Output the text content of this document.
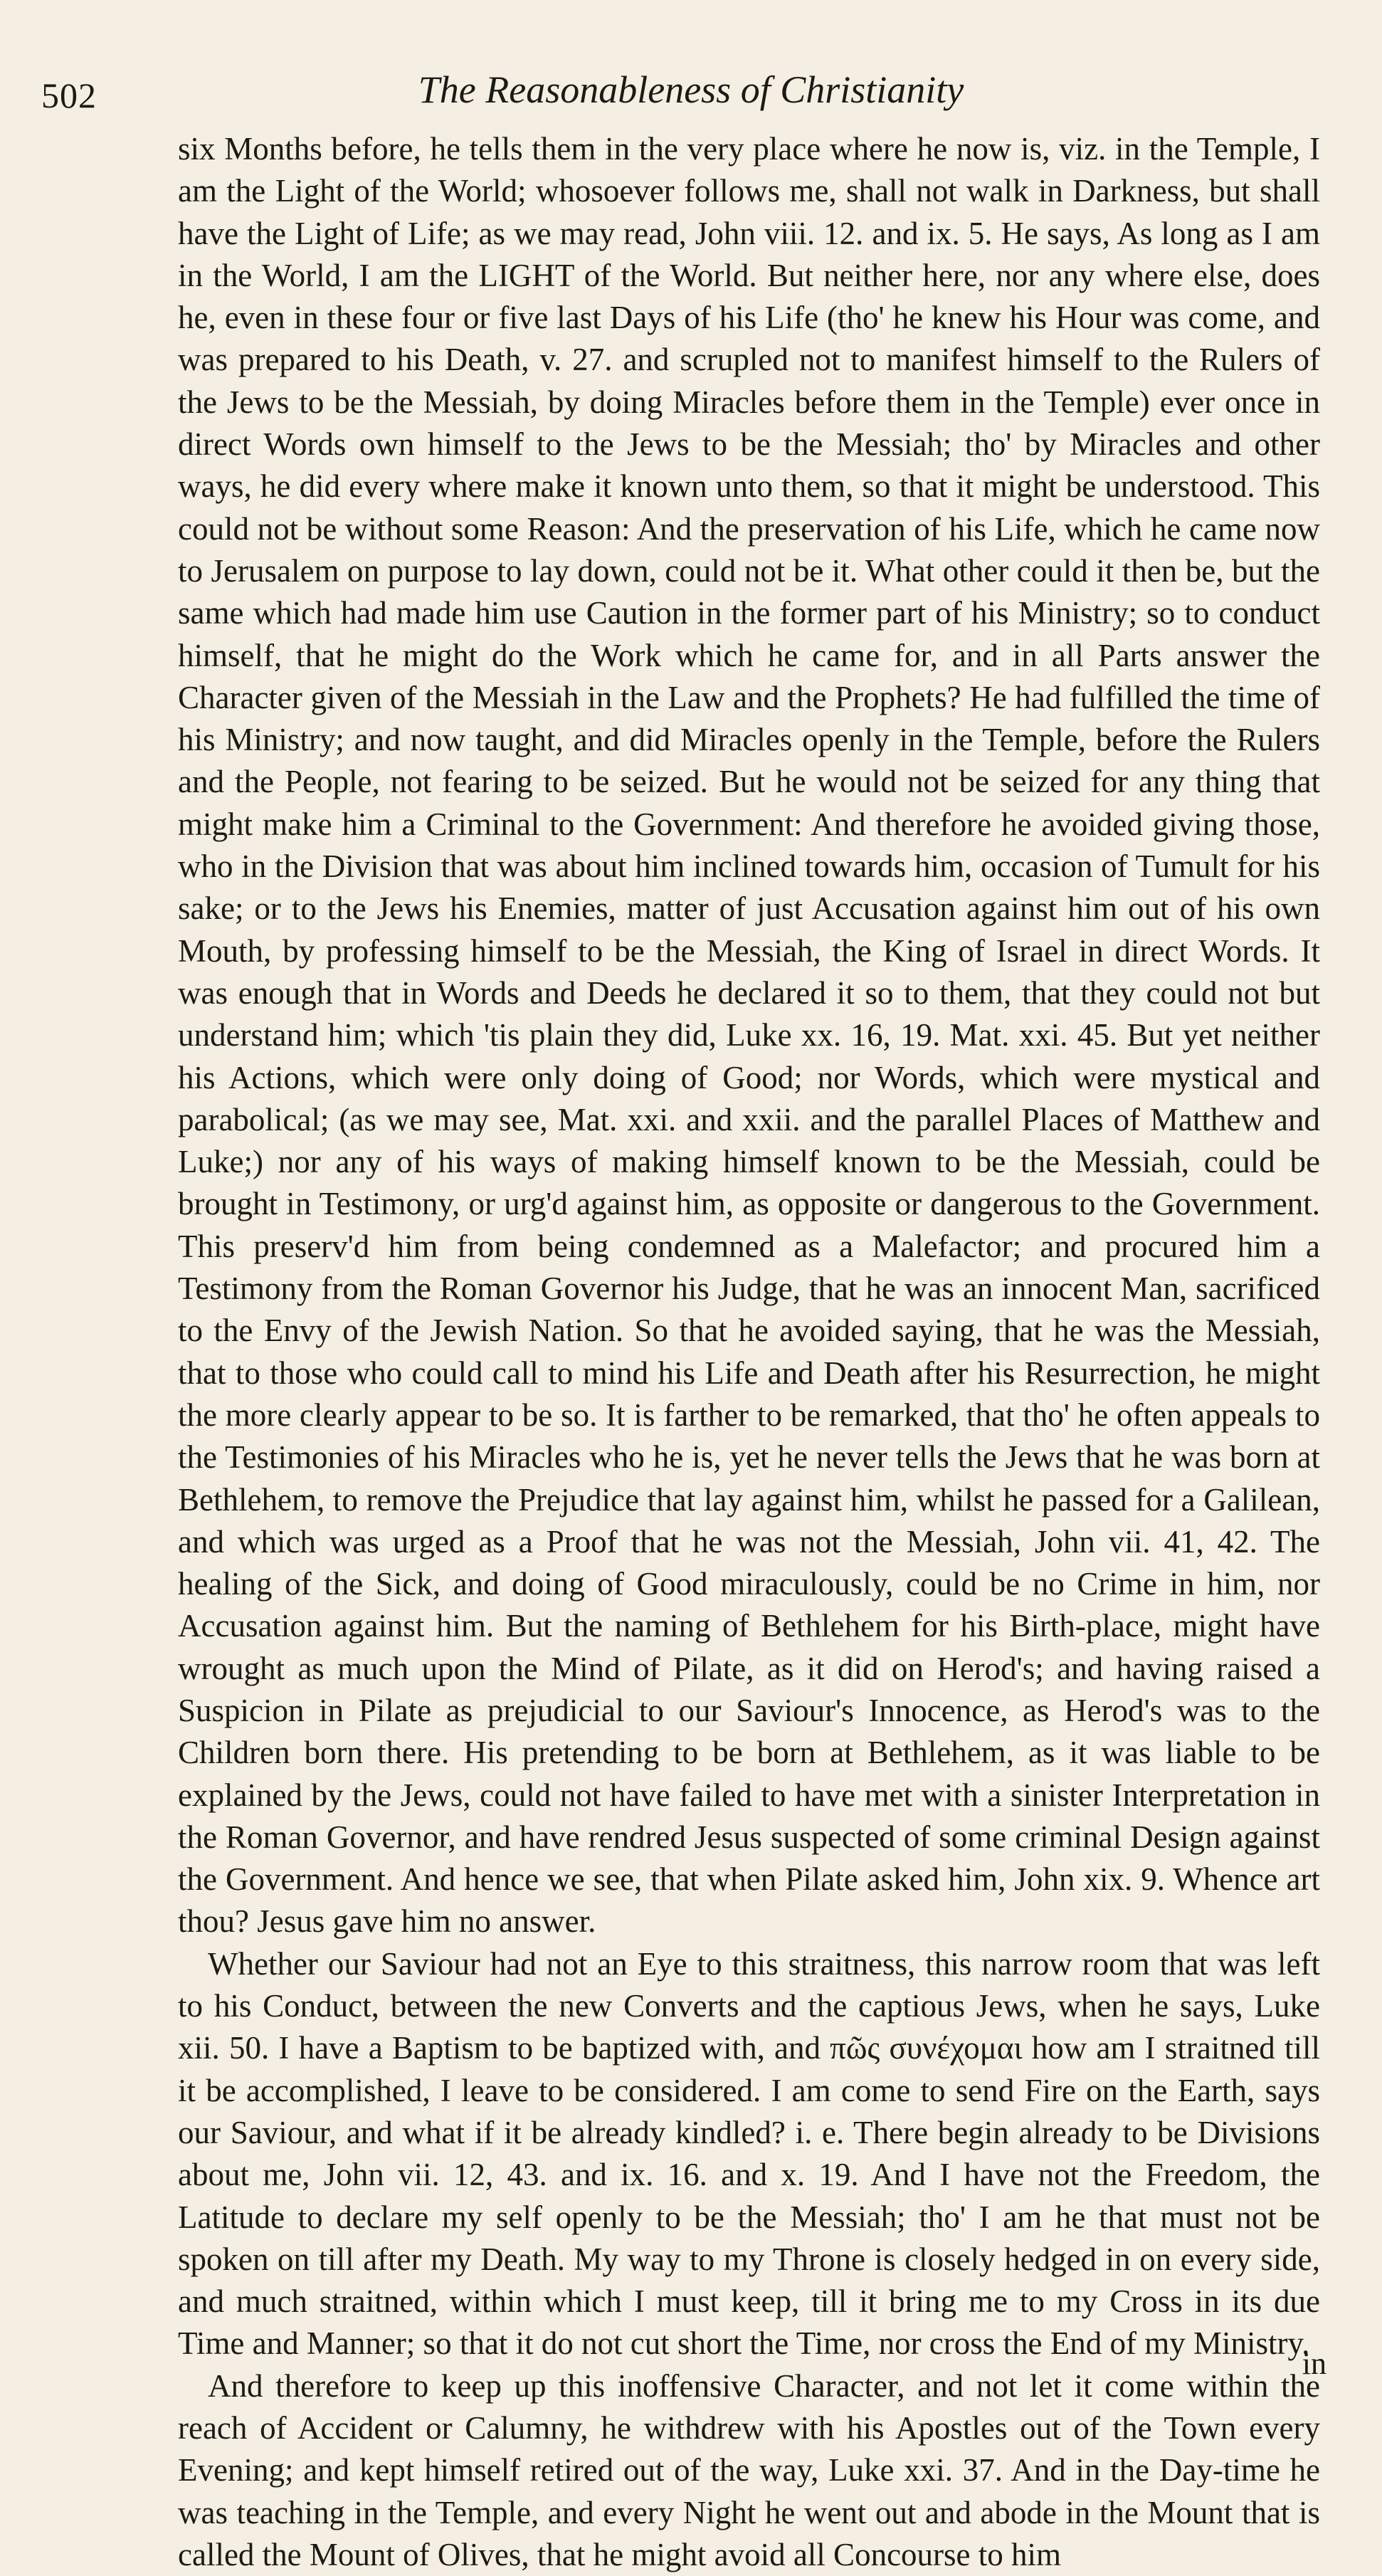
502	The Reasonableness of Christianity

six Months before, he tells them in the very place where he now is, viz. in the Temple, I am the Light of the World; whosoever follows me, shall not walk in Darkness, but shall have the Light of Life; as we may read, John viii. 12. and ix. 5. He says, As long as I am in the World, I am the LIGHT of the World. But neither here, nor any where else, does he, even in these four or five last Days of his Life (tho' he knew his Hour was come, and was prepared to his Death, v. 27. and scrupled not to manifest himself to the Rulers of the Jews to be the Messiah, by doing Miracles before them in the Temple) ever once in direct Words own himself to the Jews to be the Messiah; tho' by Miracles and other ways, he did every where make it known unto them, so that it might be understood. This could not be without some Reason: And the preservation of his Life, which he came now to Jerusalem on purpose to lay down, could not be it. What other could it then be, but the same which had made him use Caution in the former part of his Ministry; so to conduct himself, that he might do the Work which he came for, and in all Parts answer the Character given of the Messiah in the Law and the Prophets? He had fulfilled the time of his Ministry; and now taught, and did Miracles openly in the Temple, before the Rulers and the People, not fearing to be seized. But he would not be seized for any thing that might make him a Criminal to the Government: And therefore he avoided giving those, who in the Division that was about him inclined towards him, occasion of Tumult for his sake; or to the Jews his Enemies, matter of just Accusation against him out of his own Mouth, by professing himself to be the Messiah, the King of Israel in direct Words. It was enough that in Words and Deeds he declared it so to them, that they could not but understand him; which 'tis plain they did, Luke xx. 16, 19. Mat. xxi. 45. But yet neither his Actions, which were only doing of Good; nor Words, which were mystical and parabolical; (as we may see, Mat. xxi. and xxii. and the parallel Places of Matthew and Luke;) nor any of his ways of making himself known to be the Messiah, could be brought in Testimony, or urg'd against him, as opposite or dangerous to the Government. This preserv'd him from being condemned as a Malefactor; and procured him a Testimony from the Roman Governor his Judge, that he was an innocent Man, sacrificed to the Envy of the Jewish Nation. So that he avoided saying, that he was the Messiah, that to those who could call to mind his Life and Death after his Resurrection, he might the more clearly appear to be so. It is farther to be remarked, that tho' he often appeals to the Testimonies of his Miracles who he is, yet he never tells the Jews that he was born at Bethlehem, to remove the Prejudice that lay against him, whilst he passed for a Galilean, and which was urged as a Proof that he was not the Messiah, John vii. 41, 42. The healing of the Sick, and doing of Good miraculously, could be no Crime in him, nor Accusation against him. But the naming of Bethlehem for his Birth-place, might have wrought as much upon the Mind of Pilate, as it did on Herod's; and having raised a Suspicion in Pilate as prejudicial to our Saviour's Innocence, as Herod's was to the Children born there. His pretending to be born at Bethlehem, as it was liable to be explained by the Jews, could not have failed to have met with a sinister Interpretation in the Roman Governor, and have rendred Jesus suspected of some criminal Design against the Government. And hence we see, that when Pilate asked him, John xix. 9. Whence art thou? Jesus gave him no answer.

Whether our Saviour had not an Eye to this straitness, this narrow room that was left to his Conduct, between the new Converts and the captious Jews, when he says, Luke xii. 50. I have a Baptism to be baptized with, and πῶς συνέχομαι how am I straitned till it be accomplished, I leave to be considered. I am come to send Fire on the Earth, says our Saviour, and what if it be already kindled? i. e. There begin already to be Divisions about me, John vii. 12, 43. and ix. 16. and x. 19. And I have not the Freedom, the Latitude to declare my self openly to be the Messiah; tho' I am he that must not be spoken on till after my Death. My way to my Throne is closely hedged in on every side, and much straitned, within which I must keep, till it bring me to my Cross in its due Time and Manner; so that it do not cut short the Time, nor cross the End of my Ministry.

And therefore to keep up this inoffensive Character, and not let it come within the reach of Accident or Calumny, he withdrew with his Apostles out of the Town every Evening; and kept himself retired out of the way, Luke xxi. 37. And in the Day-time he was teaching in the Temple, and every Night he went out and abode in the Mount that is called the Mount of Olives, that he might avoid all Concourse to him

in
